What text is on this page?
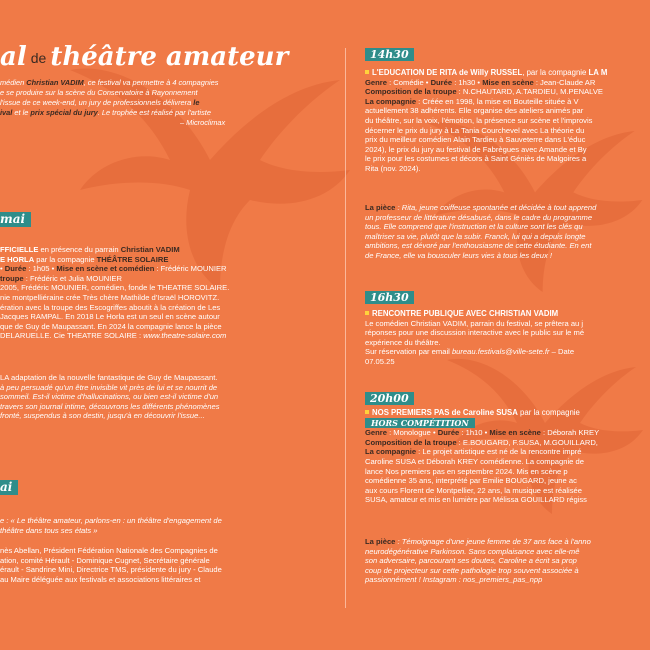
al de théâtre amateur

médien Christian VADIM, ce festival va permettre à 4 compagnies

e se produire sur la scène du Conservatoire à Rayonnement

l'issue de ce week-end, un jury de professionnels délivrera le

ival et le prix spécial du jury. Le trophée est réalisé par l'artiste

– Microclimax

mai

FFICIELLE en présence du parrain Christian VADIM

E HORLA par la compagnie THÉÂTRE SOLAIRE

• Durée : 1h05 • Mise en scène et comédien : Frédéric MOUNIER

troupe : Frédéric et Julia MOUNIER

2005, Frédéric MOUNIER, comédien, fonde le THEATRE SOLAIRE.

nie montpelliéraine crée Très chère Mathilde d'Israël HOROVITZ.

ération avec la troupe des Escogriffes aboutit à la création de Les

Jacques RAMPAL. En 2018 Le Horla est un seul en scène autour

que de Guy de Maupassant. En 2024 la compagnie lance la pièce

DELARUELLE. Cie THEATRE SOLAIRE : www.theatre-solaire.com

LA adaptation de la nouvelle fantastique de Guy de Maupassant.

à peu persuadé qu'un être invisible vit près de lui et se nourrit de

sommeil. Est-il victime d'hallucinations, ou bien est-il victime d'un

travers son journal intime, découvrons les différents phénomènes

fronté, suspendus à son destin, jusqu'à en découvrir l'issue...

ai

e : « Le théâtre amateur, parlons-en : un théâtre d'engagement de

théâtre dans tous ses états »

nès Abellan, Président Fédération Nationale des Compagnies de

ation, comité Hérault - Dominique Cugnet, Secrétaire générale

érault - Sandrine Mini, Directrice TMS, présidente du jury - Claude

au Maire déléguée aux festivals et associations littéraires et

14h30

L'EDUCATION DE RITA de Willy RUSSEL, par la compagnie LA M

Genre : Comédie • Durée : 1h30 • Mise en scène : Jean-Claude AR

Composition de la troupe : N.CHAUTARD, A.TARDIEU, M.PENALVE

La compagnie : Créée en 1998, la mise en Bouteille située à V

actuellement 38 adhérents. Elle organise des ateliers animés par

du théâtre, sur la voix, l'émotion, la présence sur scène et l'improvis

décerner le prix du jury à La Tania Courchevel avec La théorie du

prix du meilleur comédien Alain Tardieu à Sauveterre dans L'éduc

2024), le prix du jury au festival de Fabrègues avec Amande et By

le prix pour les costumes et décors à Saint Géniès de Malgoires a

Rita (nov. 2024).

La pièce : Rita, jeune coiffeuse spontanée et décidée à tout apprend

un professeur de littérature désabusé, dans le cadre du programme

tous. Elle comprend que l'instruction et la culture sont les clés qu

maîtriser sa vie, plutôt que la subir. Franck, lui qui a depuis longte

ambitions, est dévoré par l'enthousiasme de cette étudiante. En ent

de France, elle va bousculer leurs vies à tous les deux !

16h30

RENCONTRE PUBLIQUE AVEC CHRISTIAN VADIM

Le comédien Christian VADIM, parrain du festival, se prêtera au j

réponses pour une discussion interactive avec le public sur le mé

expérience du théâtre.

Sur réservation par email bureau.festivals@ville-sete.fr – Date

07.05.25

20h00

NOS PREMIERS PAS de Caroline SUSA par la compagnie

HORS COMPÉTITION

Genre : Monologue • Durée : 1h10 • Mise en scène : Déborah KREY

Composition de la troupe : E.BOUGARD, F.SUSA, M.GOUILLARD,

La compagnie : Le projet artistique est né de la rencontre impré

Caroline SUSA et Déborah KREY comédienne. La compagnie de

lance Nos premiers pas en septembre 2024. Mis en scène p

comédienne 35 ans, interprété par Emilie BOUGARD, jeune ac

aux cours Florent de Montpellier, 22 ans, la musique est réalisée

SUSA, amateur et mis en lumière par Mélissa GOUILLARD régiss

La pièce : Témoignage d'une jeune femme de 37 ans face à l'anno

neurodégénérative Parkinson. Sans complaisance avec elle-mê

son adversaire, parcourant ses doutes, Caroline a écrit sa prop

coup de projecteur sur cette pathologie trop souvent associée à

passionnément ! Instagram : nos_premiers_pas_npp
